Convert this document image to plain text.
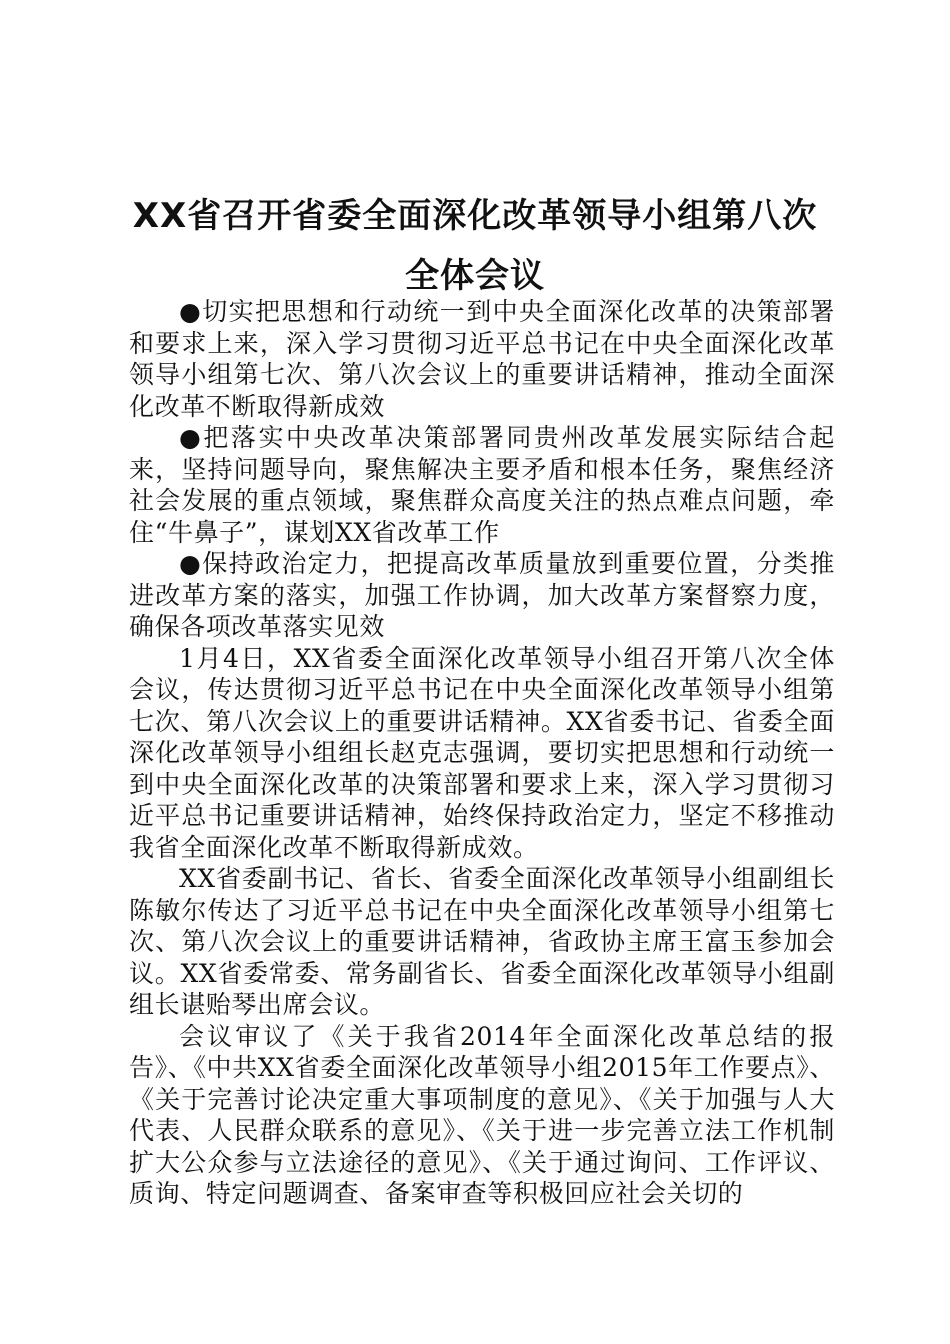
XX省召开省委全面深化改革领导小组第八次
全体会议

●切实把思想和行动统一到中央全面深化改革的决策部署和要求上来，深入学习贯彻习近平总书记在中央全面深化改革领导小组第七次、第八次会议上的重要讲话精神，推动全面深化改革不断取得新成效

●把落实中央改革决策部署同贵州改革发展实际结合起来，坚持问题导向，聚焦解决主要矛盾和根本任务，聚焦经济社会发展的重点领域，聚焦群众高度关注的热点难点问题，牵住“牛鼻子”，谋划XX省改革工作

●保持政治定力，把提高改革质量放到重要位置，分类推进改革方案的落实，加强工作协调，加大改革方案督察力度，确保各项改革落实见效

1月4日，XX省委全面深化改革领导小组召开第八次全体会议，传达贯彻习近平总书记在中央全面深化改革领导小组第七次、第八次会议上的重要讲话精神。XX省委书记、省委全面深化改革领导小组组长赵克志强调，要切实把思想和行动统一到中央全面深化改革的决策部署和要求上来，深入学习贯彻习近平总书记重要讲话精神，始终保持政治定力，坚定不移推动我省全面深化改革不断取得新成效。

XX省委副书记、省长、省委全面深化改革领导小组副组长陈敏尔传达了习近平总书记在中央全面深化改革领导小组第七次、第八次会议上的重要讲话精神，省政协主席王富玉参加会议。XX省委常委、常务副省长、省委全面深化改革领导小组副组长谌贻琴出席会议。

会议审议了《关于我省2014年全面深化改革总结的报告》、《中共XX省委全面深化改革领导小组2015年工作要点》、《关于完善讨论决定重大事项制度的意见》、《关于加强与人大代表、人民群众联系的意见》、《关于进一步完善立法工作机制扩大公众参与立法途径的意见》、《关于通过询问、工作评议、质询、特定问题调查、备案审查等积极回应社会关切的
